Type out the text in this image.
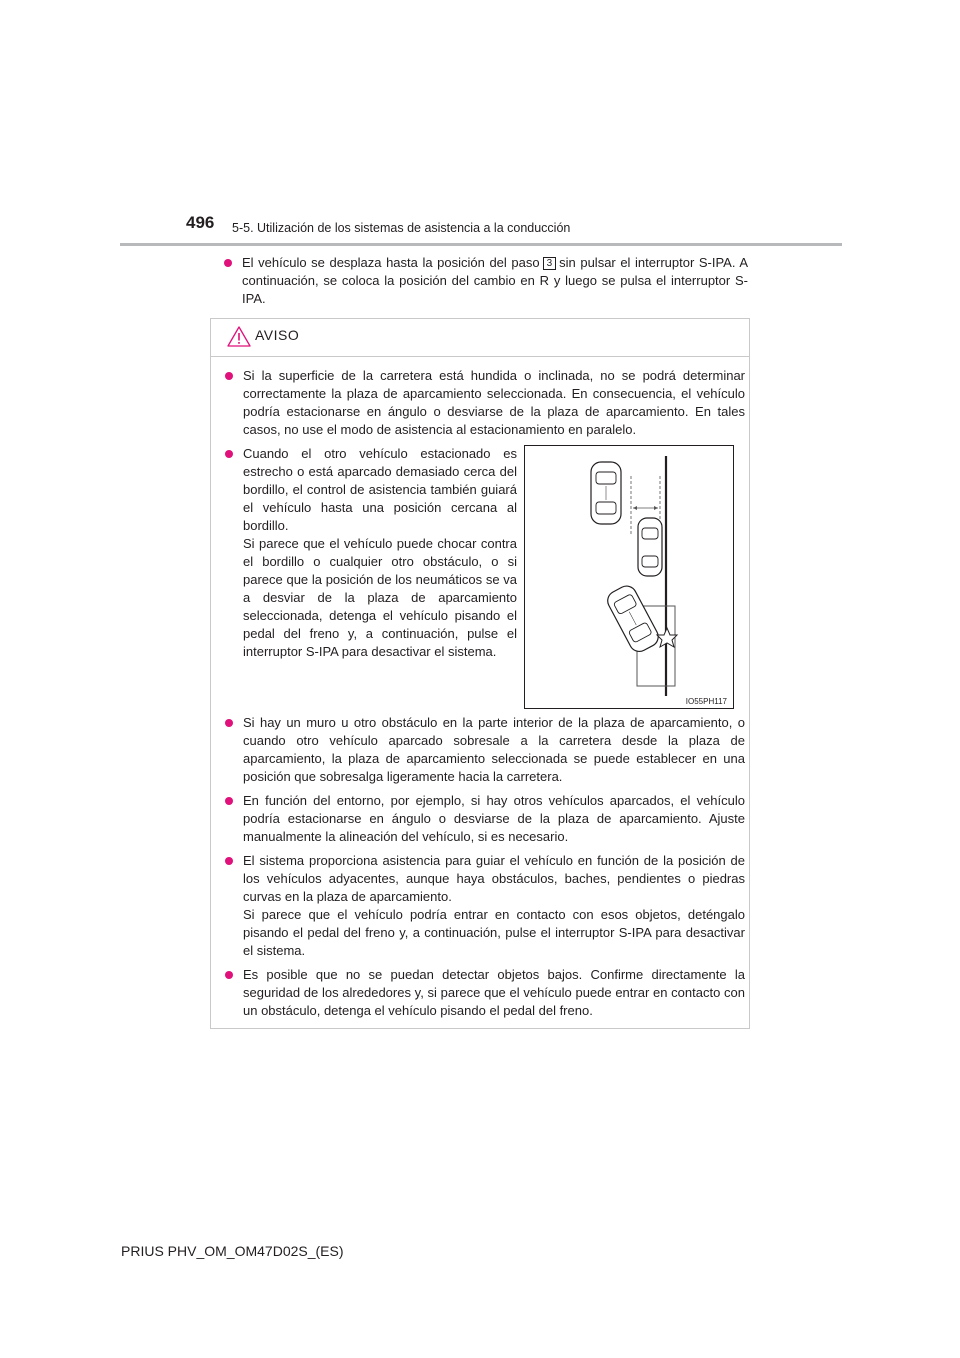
496 5-5. Utilización de los sistemas de asistencia a la conducción
El vehículo se desplaza hasta la posición del paso 3 sin pulsar el interruptor S-IPA. A continuación, se coloca la posición del cambio en R y luego se pulsa el interruptor S-IPA.
AVISO
Si la superficie de la carretera está hundida o inclinada, no se podrá determinar correctamente la plaza de aparcamiento seleccionada. En consecuencia, el vehículo podría estacionarse en ángulo o desviarse de la plaza de aparcamiento. En tales casos, no use el modo de asistencia al estacionamiento en paralelo.
Cuando el otro vehículo estacionado es estrecho o está aparcado demasiado cerca del bordillo, el control de asistencia también guiará el vehículo hasta una posición cercana al bordillo.
Si parece que el vehículo puede chocar contra el bordillo o cualquier otro obstáculo, o si parece que la posición de los neumáticos se va a desviar de la plaza de aparcamiento seleccionada, detenga el vehículo pisando el pedal del freno y, a continuación, pulse el interruptor S-IPA para desactivar el sistema.
IO55PH117
Si hay un muro u otro obstáculo en la parte interior de la plaza de aparcamiento, o cuando otro vehículo aparcado sobresale a la carretera desde la plaza de aparcamiento, la plaza de aparcamiento seleccionada se puede establecer en una posición que sobresalga ligeramente hacia la carretera.
En función del entorno, por ejemplo, si hay otros vehículos aparcados, el vehículo podría estacionarse en ángulo o desviarse de la plaza de aparcamiento. Ajuste manualmente la alineación del vehículo, si es necesario.
El sistema proporciona asistencia para guiar el vehículo en función de la posición de los vehículos adyacentes, aunque haya obstáculos, baches, pendientes o piedras curvas en la plaza de aparcamiento.
Si parece que el vehículo podría entrar en contacto con esos objetos, deténgalo pisando el pedal del freno y, a continuación, pulse el interruptor S-IPA para desactivar el sistema.
Es posible que no se puedan detectar objetos bajos. Confirme directamente la seguridad de los alrededores y, si parece que el vehículo puede entrar en contacto con un obstáculo, detenga el vehículo pisando el pedal del freno.
PRIUS PHV_OM_OM47D02S_(ES)
